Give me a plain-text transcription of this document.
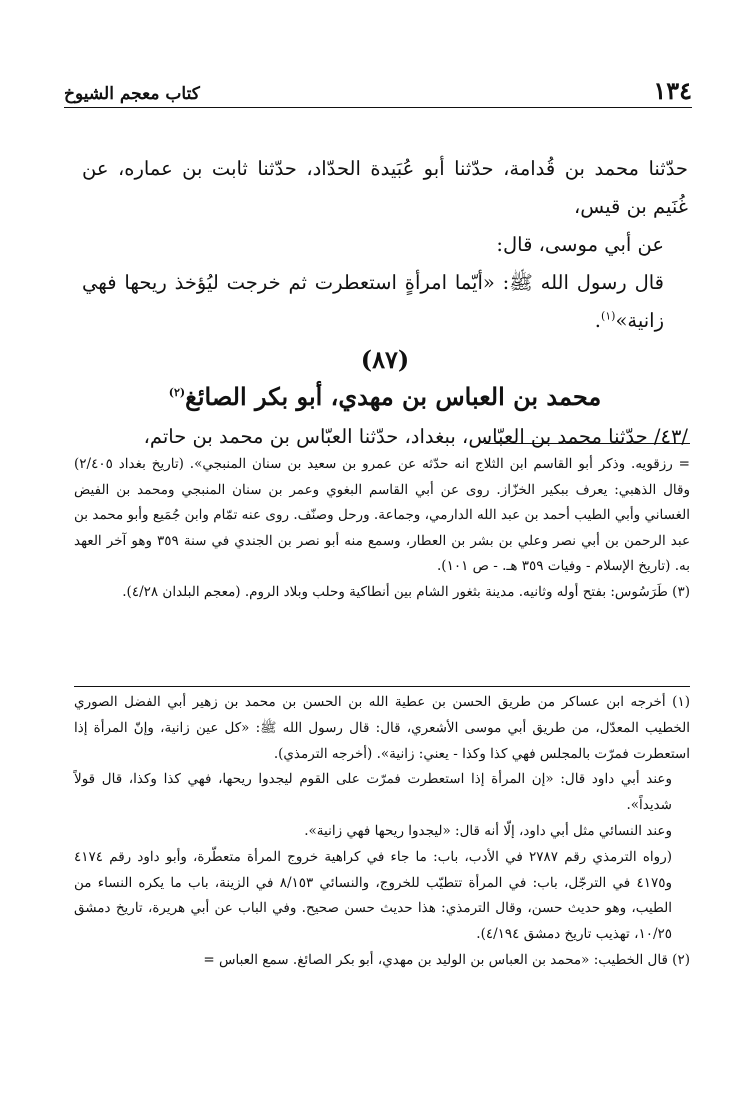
١٣٤
كتاب معجم الشيوخ

حدّثنا محمد بن قُدامة، حدّثنا أبو عُبَيدة الحدّاد، حدّثنا ثابت بن عماره، عن غُنَيم بن قيس،

عن أبي موسى، قال:

قال رسول الله ﷺ: «أيّما امرأةٍ استعطرت ثم خرجت ليُؤخذ ريحها فهي زانية»$^{(١)}$.

(٨٧)
محمد بن العباس بن مهدي، أبو بكر الصائغ$^{(٢)}$

/٤٣/ حدّثنا محمد بن العبّاس، ببغداد، حدّثنا العبّاس بن محمد بن حاتم،

= رزقويه. وذكر أبو القاسم ابن الثلاج انه حدّثه عن عمرو بن سعيد بن سنان المنبجي». (تاريخ بغداد ٢/٤٠٥) وقال الذهبي: يعرف ببكير الخزّاز. روى عن أبي القاسم البغوي وعمر بن سنان المنبجي ومحمد بن الفيض الغساني وأبي الطيب أحمد بن عبد الله الدارمي، وجماعة. ورحل وصنّف. روى عنه تمّام وابن جُمَيع وأبو محمد بن عبد الرحمن بن أبي نصر وعلي بن بشر بن العطار، وسمع منه أبو نصر بن الجندي في سنة ٣٥٩ وهو آخر العهد به. (تاريخ الإسلام - وفيات ٣٥٩ هـ. - ص ١٠١).

(٣) طَرَسُوس: بفتح أوله وثانيه. مدينة بثغور الشام بين أنطاكية وحلب وبلاد الروم. (معجم البلدان ٤/٢٨).

(١) أخرجه ابن عساكر من طريق الحسن بن عطية الله بن الحسن بن محمد بن زهير أبي الفضل الصوري الخطيب المعدّل، من طريق أبي موسى الأشعري، قال: قال رسول الله ﷺ: «كل عين زانية، وإنّ المرأة إذا استعطرت فمرّت بالمجلس فهي كذا وكذا - يعني: زانية». (أخرجه الترمذي).

وعند أبي داود قال: «إن المرأة إذا استعطرت فمرّت على القوم ليجدوا ريحها، فهي كذا وكذا، قال قولاً شديداً».

وعند النسائي مثل أبي داود، إلّا أنه قال: «ليجدوا ريحها فهي زانية».

(رواه الترمذي رقم ٢٧٨٧ في الأدب، باب: ما جاء في كراهية خروج المرأة متعطّرة، وأبو داود رقم ٤١٧٤ و٤١٧٥ في الترجّل، باب: في المرأة تتطيّب للخروج، والنسائي ٨/١٥٣ في الزينة، باب ما يكره النساء من الطيب، وهو حديث حسن، وقال الترمذي: هذا حديث حسن صحيح. وفي الباب عن أبي هريرة، تاريخ دمشق ١٠/٢٥، تهذيب تاريخ دمشق ٤/١٩٤).

(٢) قال الخطيب: «محمد بن العباس بن الوليد بن مهدي، أبو بكر الصائغ. سمع العباس =
